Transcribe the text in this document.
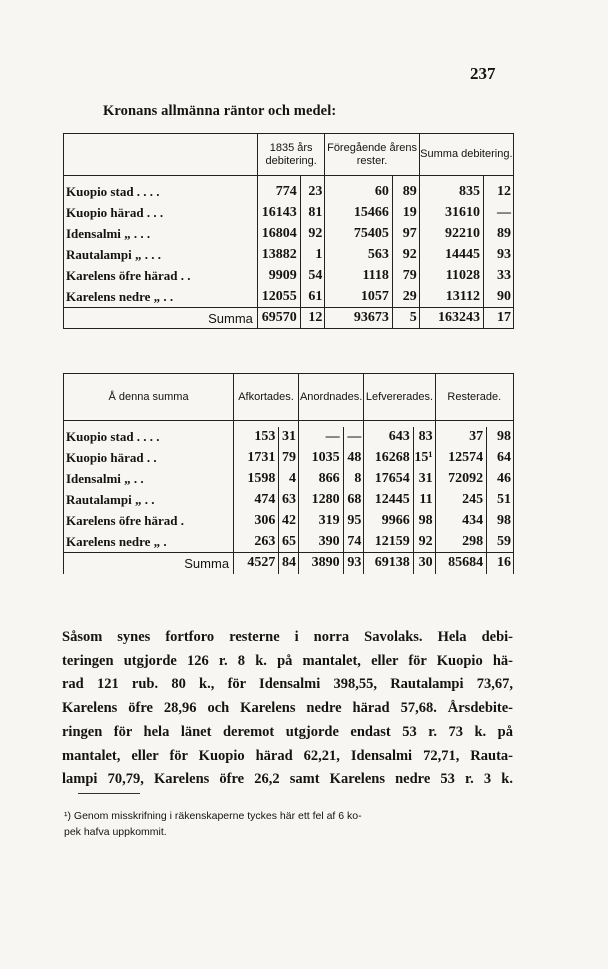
237
Kronans allmänna räntor och medel:
	1835 års debitering.		Föregående årens rester.		Summa debitering.	

Kuopio stad . . . .	774	23	60	89	835	12
Kuopio härad . . .	16143	81	15466	19	31610	—
Idensalmi „ . . .	16804	92	75405	97	92210	89
Rautalampi „ . . .	13882	1	563	92	14445	93
Karelens öfre härad . .	9909	54	1118	79	11028	33
Karelens nedre „ . .	12055	61	1057	29	13112	90
Summa	69570	12	93673	5	163243	17
Å denna summa	Afkortades.		Anordnades.		Lefvererades.		Resterade.	

Kuopio stad . . . .	153	31	—	—	643	83	37	98
Kuopio härad . .	1731	79	1035	48	16268	15¹	12574	64
Idensalmi „ . .	1598	4	866	8	17654	31	72092	46
Rautalampi „ . .	474	63	1280	68	12445	11	245	51
Karelens öfre härad .	306	42	319	95	9966	98	434	98
Karelens nedre „ .	263	65	390	74	12159	92	298	59
Summa	4527	84	3890	93	69138	30	85684	16
Såsom synes fortforo resterne i norra Savolaks. Hela debi-
teringen utgjorde 126 r. 8 k. på mantalet, eller för Kuopio hä-
rad 121 rub. 80 k., för Idensalmi 398,55, Rautalampi 73,67,
Karelens öfre 28,96 och Karelens nedre härad 57,68. Årsdebite-
ringen för hela länet deremot utgjorde endast 53 r. 73 k. på
mantalet, eller för Kuopio härad 62,21, Idensalmi 72,71, Rauta-
lampi 70,79, Karelens öfre 26,2 samt Karelens nedre 53 r. 3 k.
¹) Genom misskrifning i räkenskaperne tyckes här ett fel af 6 ko-
pek hafva uppkommit.
